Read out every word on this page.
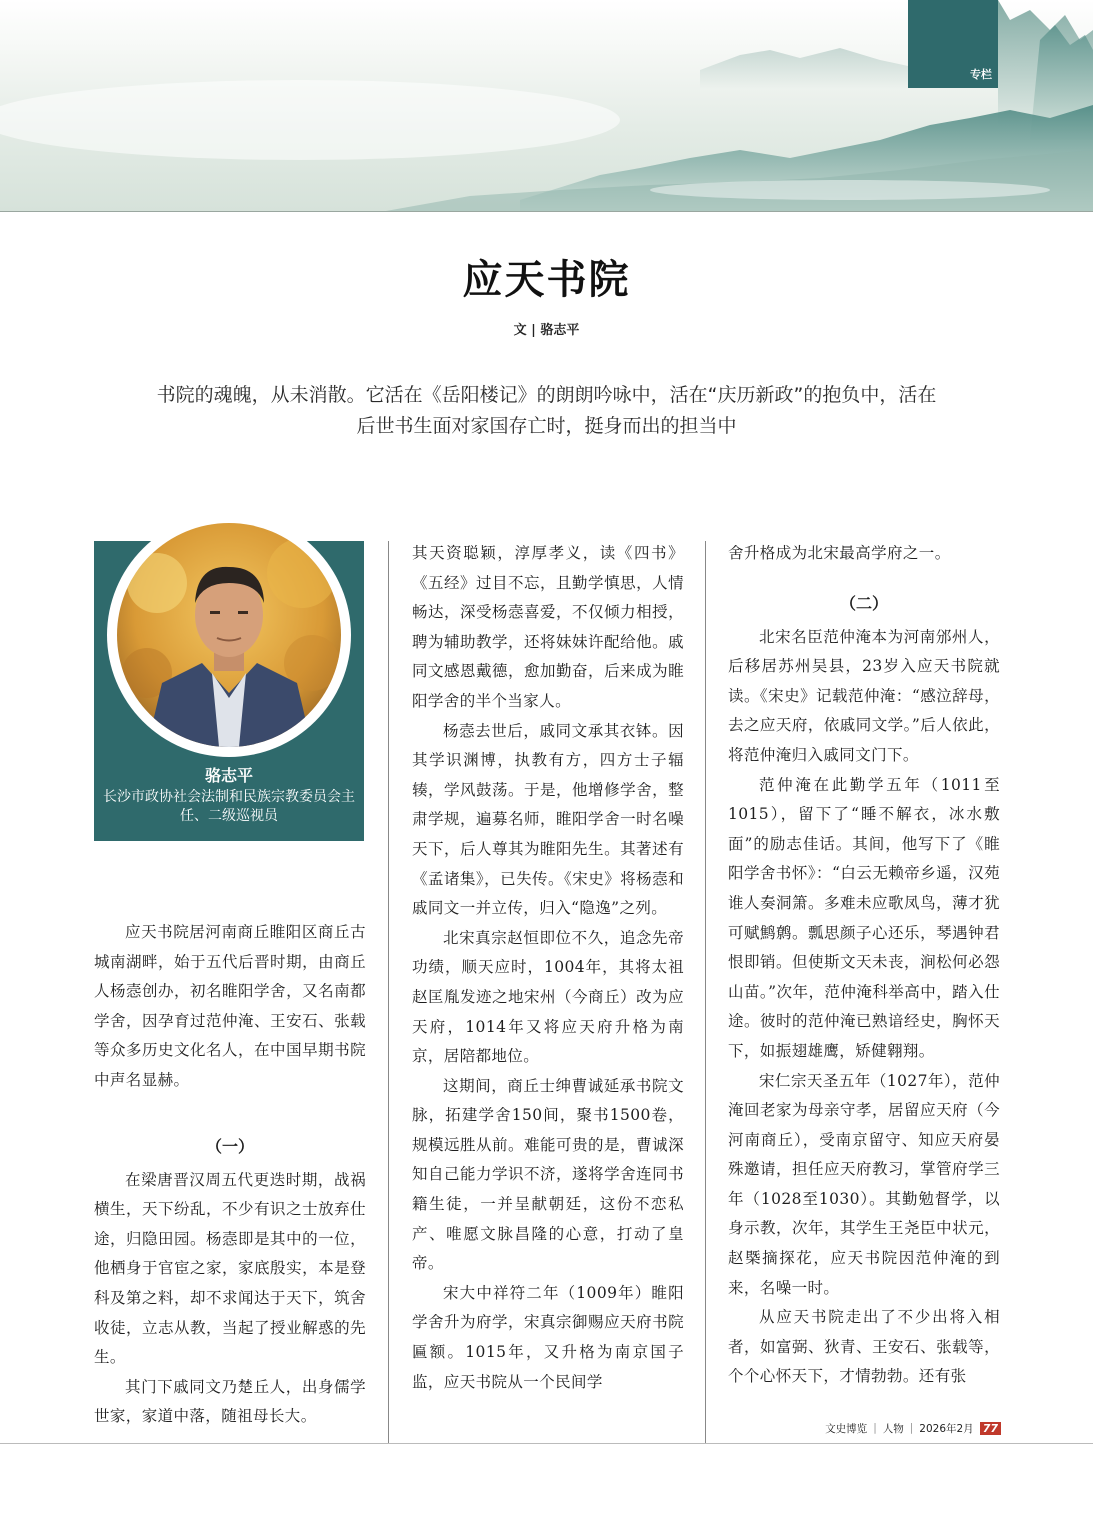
专栏
应天书院
文 | 骆志平
书院的魂魄，从未消散。它活在《岳阳楼记》的朗朗吟咏中，活在“庆历新政”的抱负中，活在后世书生面对家国存亡时，挺身而出的担当中
骆志平
长沙市政协社会法制和民族宗教委员会主任、二级巡视员

应天书院居河南商丘睢阳区商丘古城南湖畔，始于五代后晋时期，由商丘人杨悫创办，初名睢阳学舍，又名南都学舍，因孕育过范仲淹、王安石、张载等众多历史文化名人，在中国早期书院中声名显赫。

（一）

在梁唐晋汉周五代更迭时期，战祸横生，天下纷乱，不少有识之士放弃仕途，归隐田园。杨悫即是其中的一位，他栖身于官宦之家，家底殷实，本是登科及第之料，却不求闻达于天下，筑舍收徒，立志从教，当起了授业解惑的先生。

其门下戚同文乃楚丘人，出身儒学世家，家道中落，随祖母长大。

其天资聪颖，淳厚孝义，读《四书》《五经》过目不忘，且勤学慎思，人情畅达，深受杨悫喜爱，不仅倾力相授，聘为辅助教学，还将妹妹许配给他。戚同文感恩戴德，愈加勤奋，后来成为睢阳学舍的半个当家人。

杨悫去世后，戚同文承其衣钵。因其学识渊博，执教有方，四方士子辐辏，学风鼓荡。于是，他增修学舍，整肃学规，遍募名师，睢阳学舍一时名噪天下，后人尊其为睢阳先生。其著述有《孟诸集》，已失传。《宋史》将杨悫和戚同文一并立传，归入“隐逸”之列。

北宋真宗赵恒即位不久，追念先帝功绩，顺天应时，1004年，其将太祖赵匡胤发迹之地宋州（今商丘）改为应天府，1014年又将应天府升格为南京，居陪都地位。

这期间，商丘士绅曹诚延承书院文脉，拓建学舍150间，聚书1500卷，规模远胜从前。难能可贵的是，曹诚深知自己能力学识不济，遂将学舍连同书籍生徒，一并呈献朝廷，这份不恋私产、唯愿文脉昌隆的心意，打动了皇帝。

宋大中祥符二年（1009年）睢阳学舍升为府学，宋真宗御赐应天府书院匾额。1015年，又升格为南京国子监，应天书院从一个民间学

舍升格成为北宋最高学府之一。

（二）

北宋名臣范仲淹本为河南邠州人，后移居苏州吴县，23岁入应天书院就读。《宋史》记载范仲淹：“感泣辞母，去之应天府，依戚同文学。”后人依此，将范仲淹归入戚同文门下。

范仲淹在此勤学五年（1011至1015），留下了“睡不解衣，冰水敷面”的励志佳话。其间，他写下了《睢阳学舍书怀》：“白云无赖帝乡遥，汉苑谁人奏洞箫。多难未应歌凤鸟，薄才犹可赋鹪鹩。瓢思颜子心还乐，琴遇钟君恨即销。但使斯文天未丧，涧松何必怨山苗。”次年，范仲淹科举高中，踏入仕途。彼时的范仲淹已熟谙经史，胸怀天下，如振翅雄鹰，矫健翱翔。

宋仁宗天圣五年（1027年），范仲淹回老家为母亲守孝，居留应天府（今河南商丘），受南京留守、知应天府晏殊邀请，担任应天府教习，掌管府学三年（1028至1030）。其勤勉督学，以身示教，次年，其学生王尧臣中状元，赵槩摘探花，应天书院因范仲淹的到来，名噪一时。

从应天书院走出了不少出将入相者，如富弼、狄青、王安石、张载等，个个心怀天下，才情勃勃。还有张

文史博览 | 人物 | 2026年2月 77
